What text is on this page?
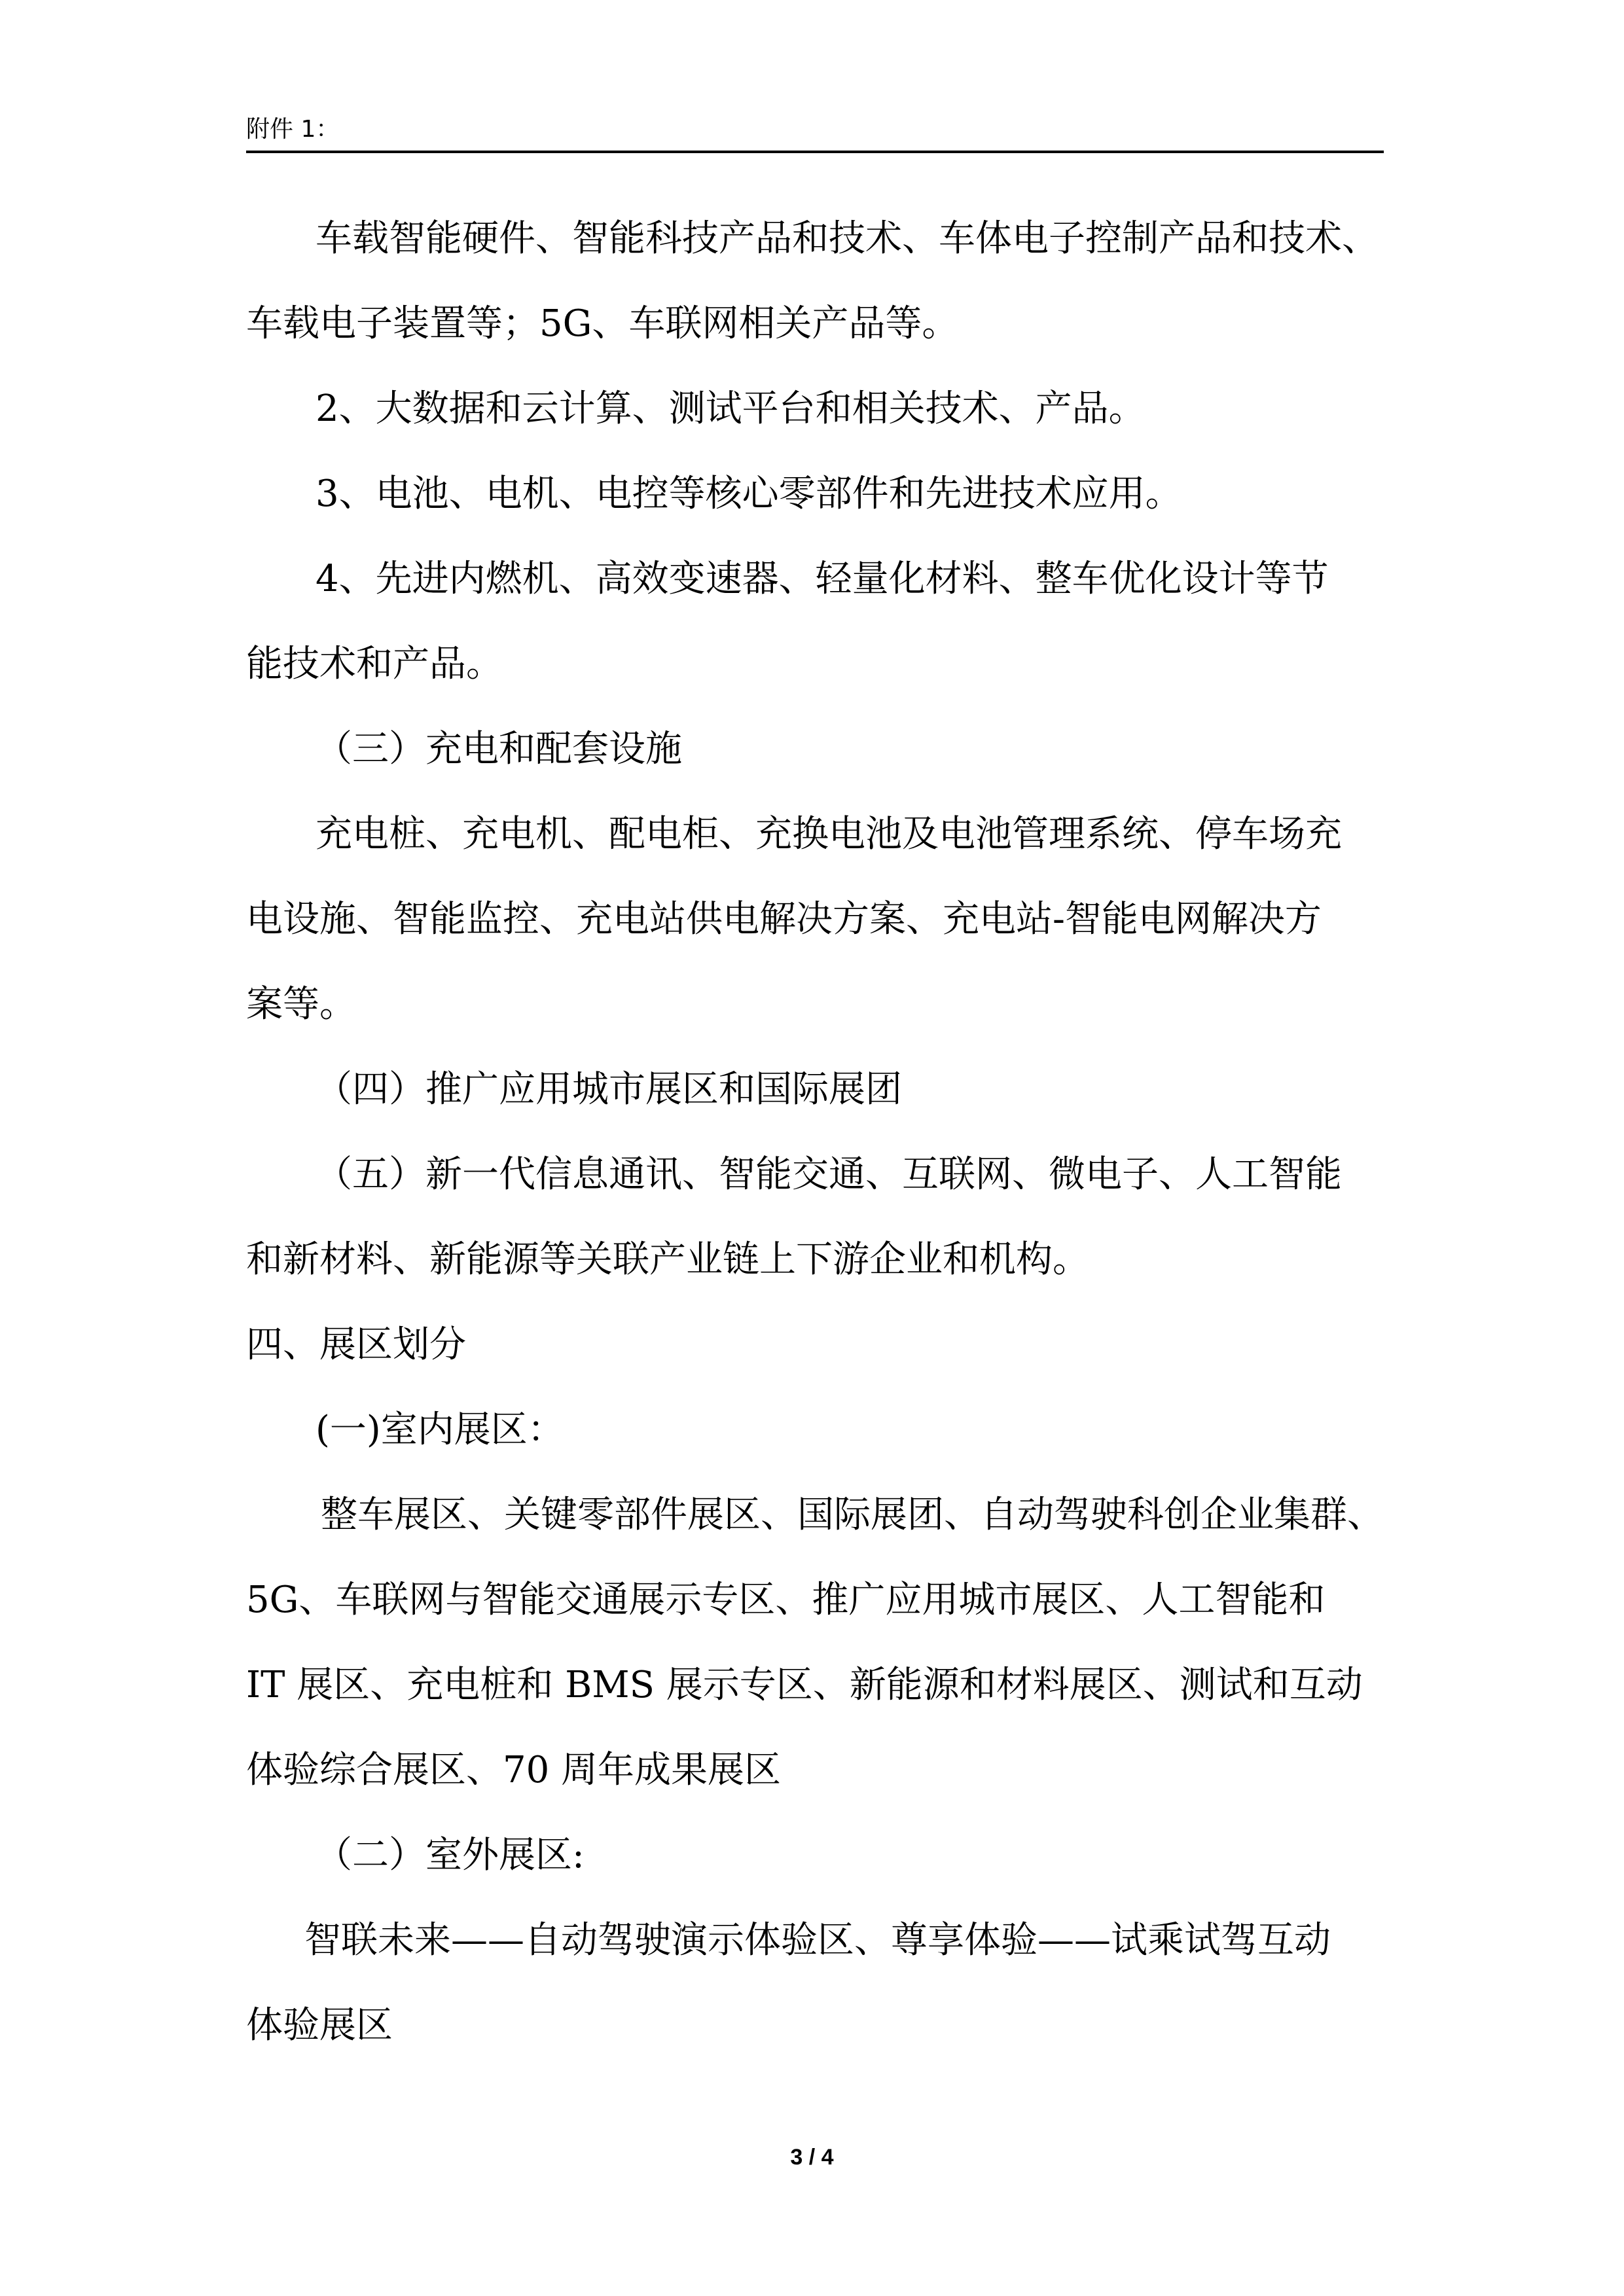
附件 1：
车载智能硬件、智能科技产品和技术、车体电子控制产品和技术、
车载电子装置等；5G、车联网相关产品等。
2、大数据和云计算、测试平台和相关技术、产品。
3、电池、电机、电控等核心零部件和先进技术应用。
4、先进内燃机、高效变速器、轻量化材料、整车优化设计等节
能技术和产品。
（三）充电和配套设施
充电桩、充电机、配电柜、充换电池及电池管理系统、停车场充
电设施、智能监控、充电站供电解决方案、充电站-智能电网解决方
案等。
（四）推广应用城市展区和国际展团
（五）新一代信息通讯、智能交通、互联网、微电子、人工智能
和新材料、新能源等关联产业链上下游企业和机构。
四、展区划分
(一)室内展区：
整车展区、关键零部件展区、国际展团、自动驾驶科创企业集群、
5G、车联网与智能交通展示专区、推广应用城市展区、人工智能和
IT 展区、充电桩和 BMS 展示专区、新能源和材料展区、测试和互动
体验综合展区、70 周年成果展区
（二）室外展区:
智联未来——自动驾驶演示体验区、尊享体验——试乘试驾互动
体验展区
3 / 4
